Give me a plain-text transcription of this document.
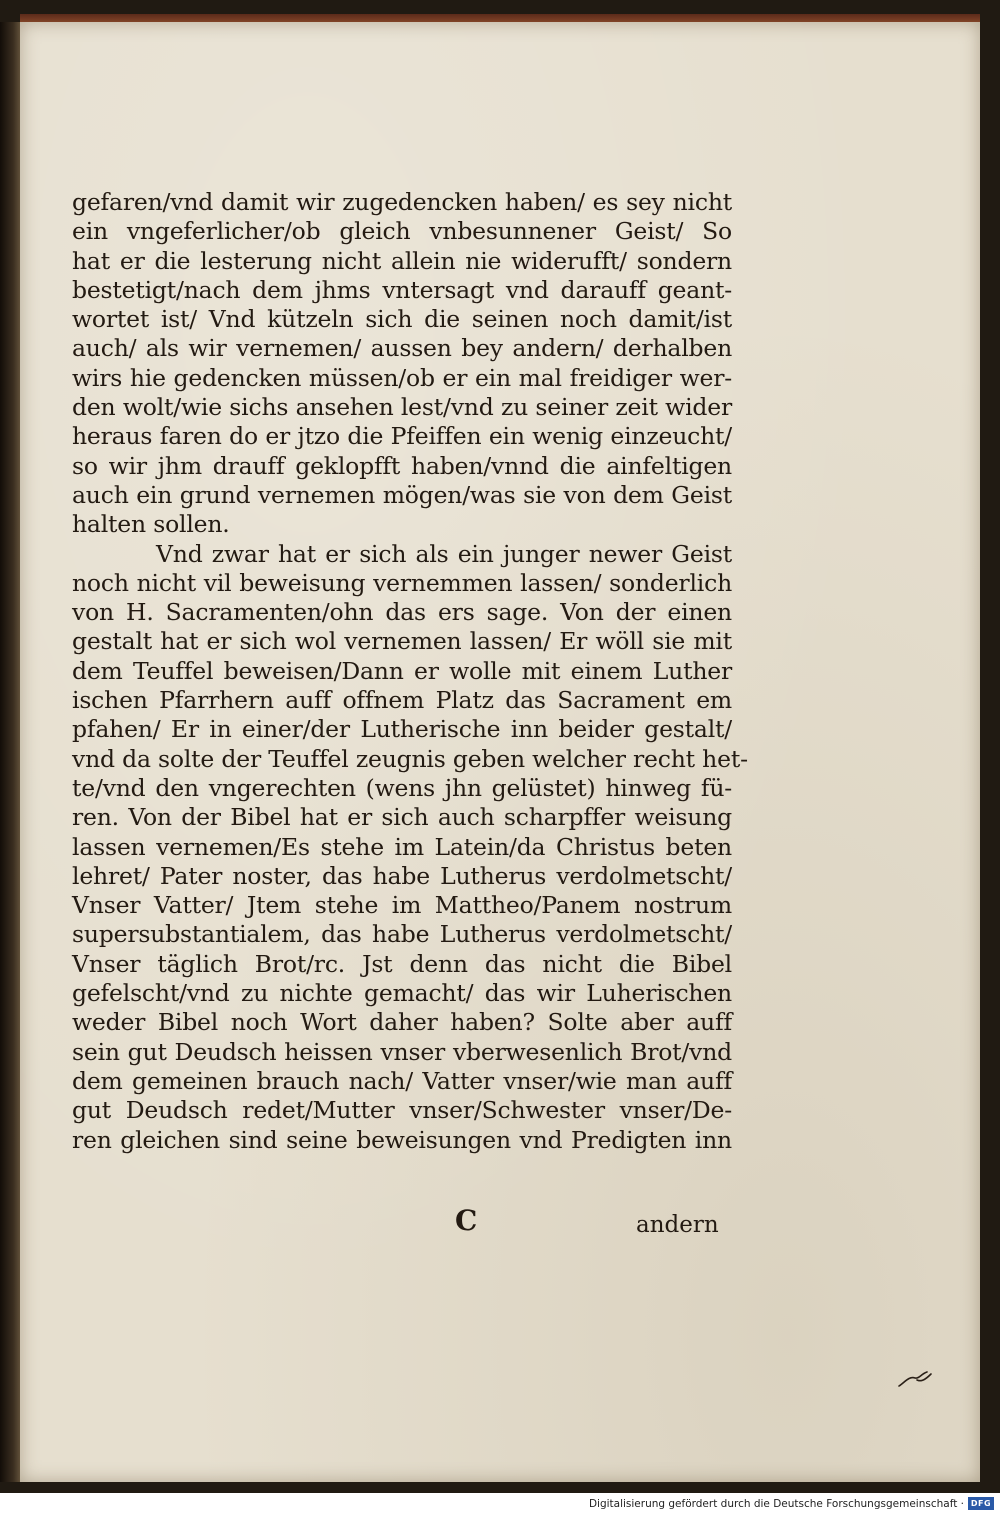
gefaren/vnd damit wir zugedencken haben/ es sey nicht
ein vngeferlicher/ob gleich vnbesunnener Geist/ So
hat er die lesterung nicht allein nie widerufft/ sondern
bestetigt/nach dem jhms vntersagt vnd darauff geant-
wortet ist/ Vnd kützeln sich die seinen noch damit/ist
auch/ als wir vernemen/ aussen bey andern/ derhalben
wirs hie gedencken müssen/ob er ein mal freidiger wer-
den wolt/wie sichs ansehen lest/vnd zu seiner zeit wider
heraus faren do er jtzo die Pfeiffen ein wenig einzeucht/
so wir jhm drauff geklopfft haben/vnnd die ainfeltigen
auch ein grund vernemen mögen/was sie von dem Geist
halten sollen.
Vnd zwar hat er sich als ein junger newer Geist
noch nicht vil beweisung vernemmen lassen/ sonderlich
von H. Sacramenten/ohn das ers sage. Von der einen
gestalt hat er sich wol vernemen lassen/ Er wöll sie mit
dem Teuffel beweisen/Dann er wolle mit einem Luther
ischen Pfarrhern auff offnem Platz das Sacrament em
pfahen/ Er in einer/der Lutherische inn beider gestalt/
vnd da solte der Teuffel zeugnis geben welcher recht het-
te/vnd den vngerechten (wens jhn gelüstet) hinweg fü-
ren. Von der Bibel hat er sich auch scharpffer weisung
lassen vernemen/Es stehe im Latein/da Christus beten
lehret/ Pater noster, das habe Lutherus verdolmetscht/
Vnser Vatter/ Jtem stehe im Mattheo/Panem nostrum
supersubstantialem, das habe Lutherus verdolmetscht/
Vnser täglich Brot/rc. Jst denn das nicht die Bibel
gefelscht/vnd zu nichte gemacht/ das wir Luherischen
weder Bibel noch Wort daher haben? Solte aber auff
sein gut Deudsch heissen vnser vberwesenlich Brot/vnd
dem gemeinen brauch nach/ Vatter vnser/wie man auff
gut Deudsch redet/Mutter vnser/Schwester vnser/De-
ren gleichen sind seine beweisungen vnd Predigten inn
C	andern
Digitalisierung gefördert durch die Deutsche Forschungsgemeinschaft · DFG
